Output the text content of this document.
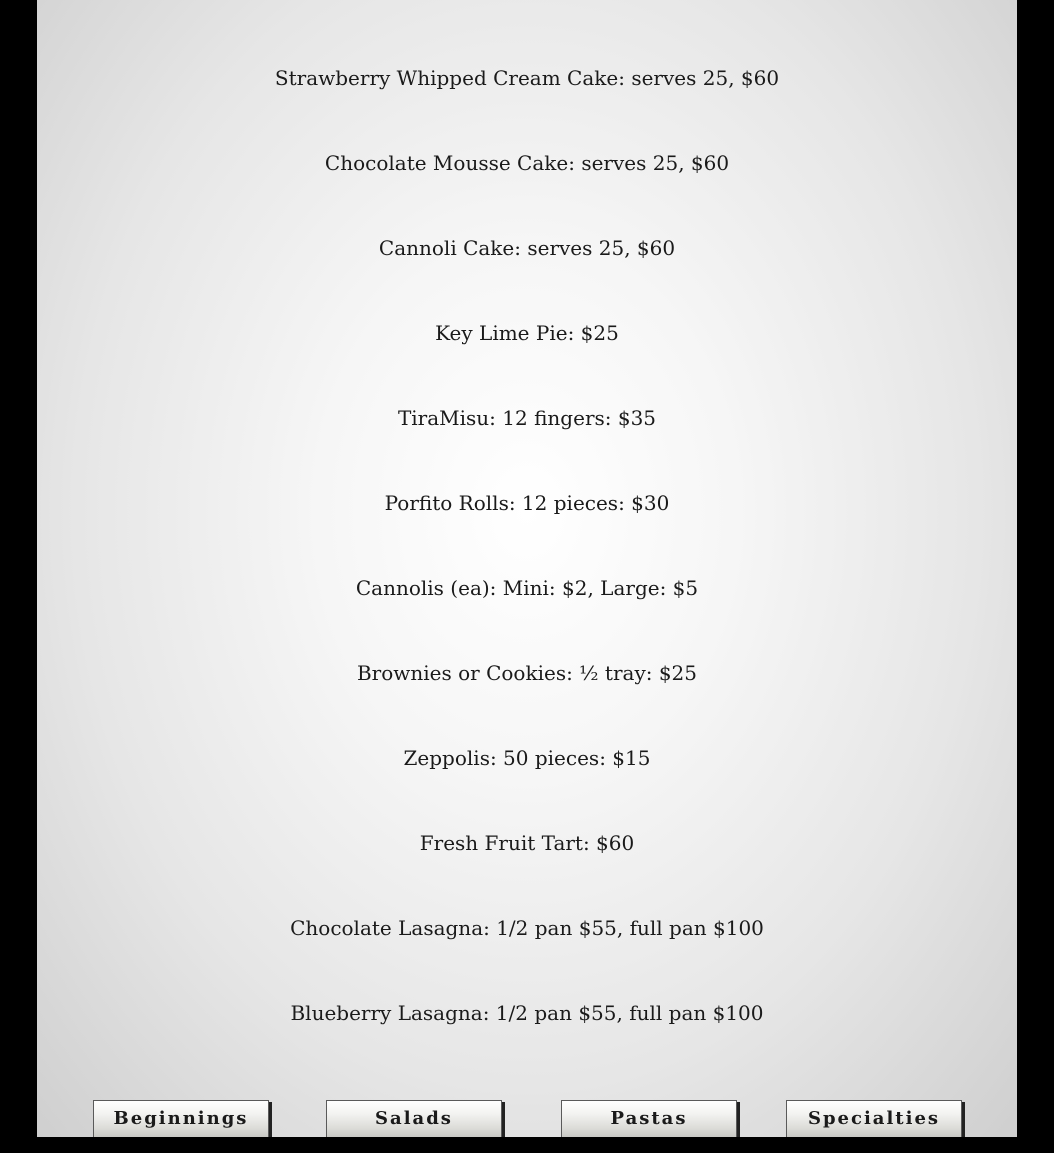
Strawberry Whipped Cream Cake: serves 25, $60
Chocolate Mousse Cake: serves 25, $60
Cannoli Cake: serves 25, $60
Key Lime Pie: $25
TiraMisu: 12 fingers: $35
Porfito Rolls: 12 pieces: $30
Cannolis (ea): Mini: $2, Large: $5
Brownies or Cookies: ½ tray: $25
Zeppolis: 50 pieces: $15
Fresh Fruit Tart: $60
Chocolate Lasagna: 1/2 pan $55, full pan $100
Blueberry Lasagna: 1/2 pan $55, full pan $100
Beginnings	Salads	Pastas	Specialties
